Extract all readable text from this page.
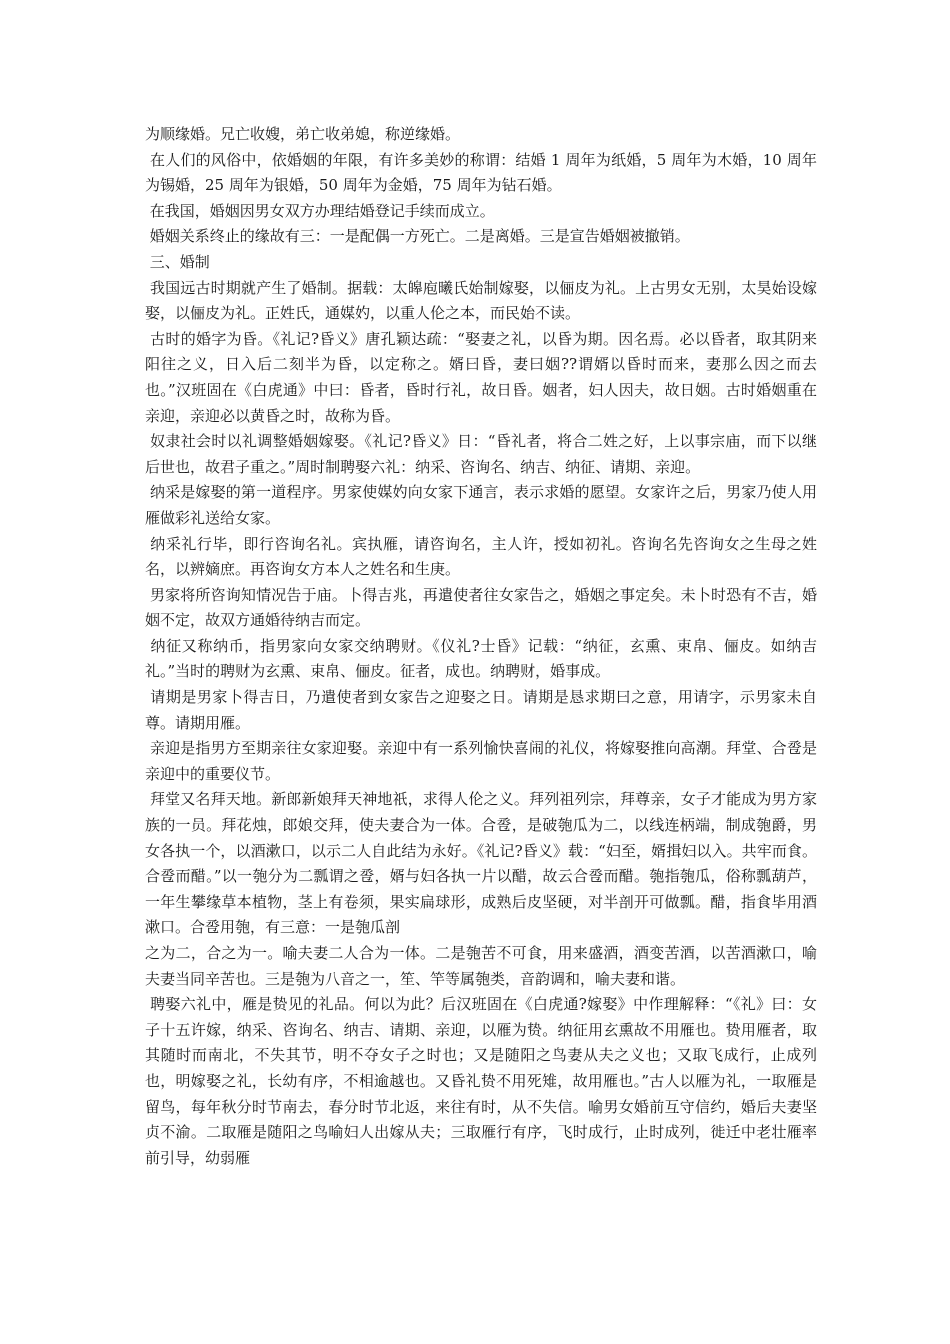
为顺缘婚。兄亡收嫂，弟亡收弟媳，称逆缘婚。

在人们的风俗中，依婚姻的年限，有许多美妙的称谓：结婚 1 周年为纸婚，5 周年为木婚，10 周年为锡婚，25 周年为银婚，50 周年为金婚，75 周年为钻石婚。

在我国，婚姻因男女双方办理结婚登记手续而成立。

婚姻关系终止的缘故有三：一是配偶一方死亡。二是离婚。三是宣告婚姻被撤销。

三、婚制

我国远古时期就产生了婚制。据载：太皞庖曦氏始制嫁娶，以俪皮为礼。上古男女无别，太昊始设嫁娶，以俪皮为礼。正姓氏，通媒妁，以重人伦之本，而民始不读。

古时的婚字为昏。《礼记?昏义》唐孔颖达疏：“娶妻之礼，以昏为期。因名焉。必以昏者，取其阴来阳往之义，日入后二刻半为昏，以定称之。婿曰昏，妻曰姻??谓婿以昏时而来，妻那么因之而去也。”汉班固在《白虎通》中曰：昏者，昏时行礼，故日昏。姻者，妇人因夫，故日姻。古时婚姻重在亲迎，亲迎必以黄昏之时，故称为昏。

奴隶社会时以礼调整婚姻嫁娶。《礼记?昏义》日：“昏礼者，将合二姓之好，上以事宗庙，而下以继后世也，故君子重之。”周时制聘娶六礼：纳采、咨询名、纳吉、纳征、请期、亲迎。

纳采是嫁娶的第一道程序。男家使媒妁向女家下通言，表示求婚的愿望。女家许之后，男家乃使人用雁做彩礼送给女家。

纳采礼行毕，即行咨询名礼。宾执雁，请咨询名，主人许，授如初礼。咨询名先咨询女之生母之姓名，以辨嫡庶。再咨询女方本人之姓名和生庚。

男家将所咨询知情况告于庙。卜得吉兆，再遣使者往女家告之，婚姻之事定矣。未卜时恐有不吉，婚姻不定，故双方通婚待纳吉而定。

纳征又称纳币，指男家向女家交纳聘财。《仪礼?士昏》记载：“纳征，玄熏、束帛、俪皮。如纳吉礼。”当时的聘财为玄熏、束帛、俪皮。征者，成也。纳聘财，婚事成。

请期是男家卜得吉日，乃遣使者到女家告之迎娶之日。请期是恳求期曰之意，用请字，示男家未自尊。请期用雁。

亲迎是指男方至期亲往女家迎娶。亲迎中有一系列愉快喜闹的礼仪，将嫁娶推向高潮。拜堂、合卺是亲迎中的重要仪节。

拜堂又名拜天地。新郎新娘拜天神地祇，求得人伦之义。拜列祖列宗，拜尊亲，女子才能成为男方家族的一员。拜花烛，郎娘交拜，使夫妻合为一体。合卺，是破匏瓜为二，以线连柄端，制成匏爵，男女各执一个，以酒漱口，以示二人自此结为永好。《礼记?昏义》载：“妇至，婿揖妇以入。共牢而食。合卺而醋。”以一匏分为二瓢谓之卺，婿与妇各执一片以醋，故云合卺而醋。匏指匏瓜，俗称瓢葫芦，一年生攀缘草本植物，茎上有卷须，果实扁球形，成熟后皮坚硬，对半剖开可做瓢。醋，指食毕用酒漱口。合卺用匏，有三意：一是匏瓜剖

之为二，合之为一。喻夫妻二人合为一体。二是匏苦不可食，用来盛酒，酒变苦酒，以苦酒漱口，喻夫妻当同辛苦也。三是匏为八音之一，笙、竿等属匏类，音韵调和，喻夫妻和谐。

聘娶六礼中，雁是贽见的礼品。何以为此？后汉班固在《白虎通?嫁娶》中作理解释：“《礼》曰：女子十五许嫁，纳采、咨询名、纳吉、请期、亲迎，以雁为贽。纳征用玄熏故不用雁也。贽用雁者，取其随时而南北，不失其节，明不夺女子之时也；又是随阳之鸟妻从夫之义也；又取飞成行，止成列也，明嫁娶之礼，长幼有序，不相逾越也。又昏礼贽不用死雉，故用雁也。”古人以雁为礼，一取雁是留鸟，每年秋分时节南去，春分时节北返，来往有时，从不失信。喻男女婚前互守信约，婚后夫妻坚贞不渝。二取雁是随阳之鸟喻妇人出嫁从夫；三取雁行有序，飞时成行，止时成列，徙迁中老壮雁率前引导，幼弱雁
